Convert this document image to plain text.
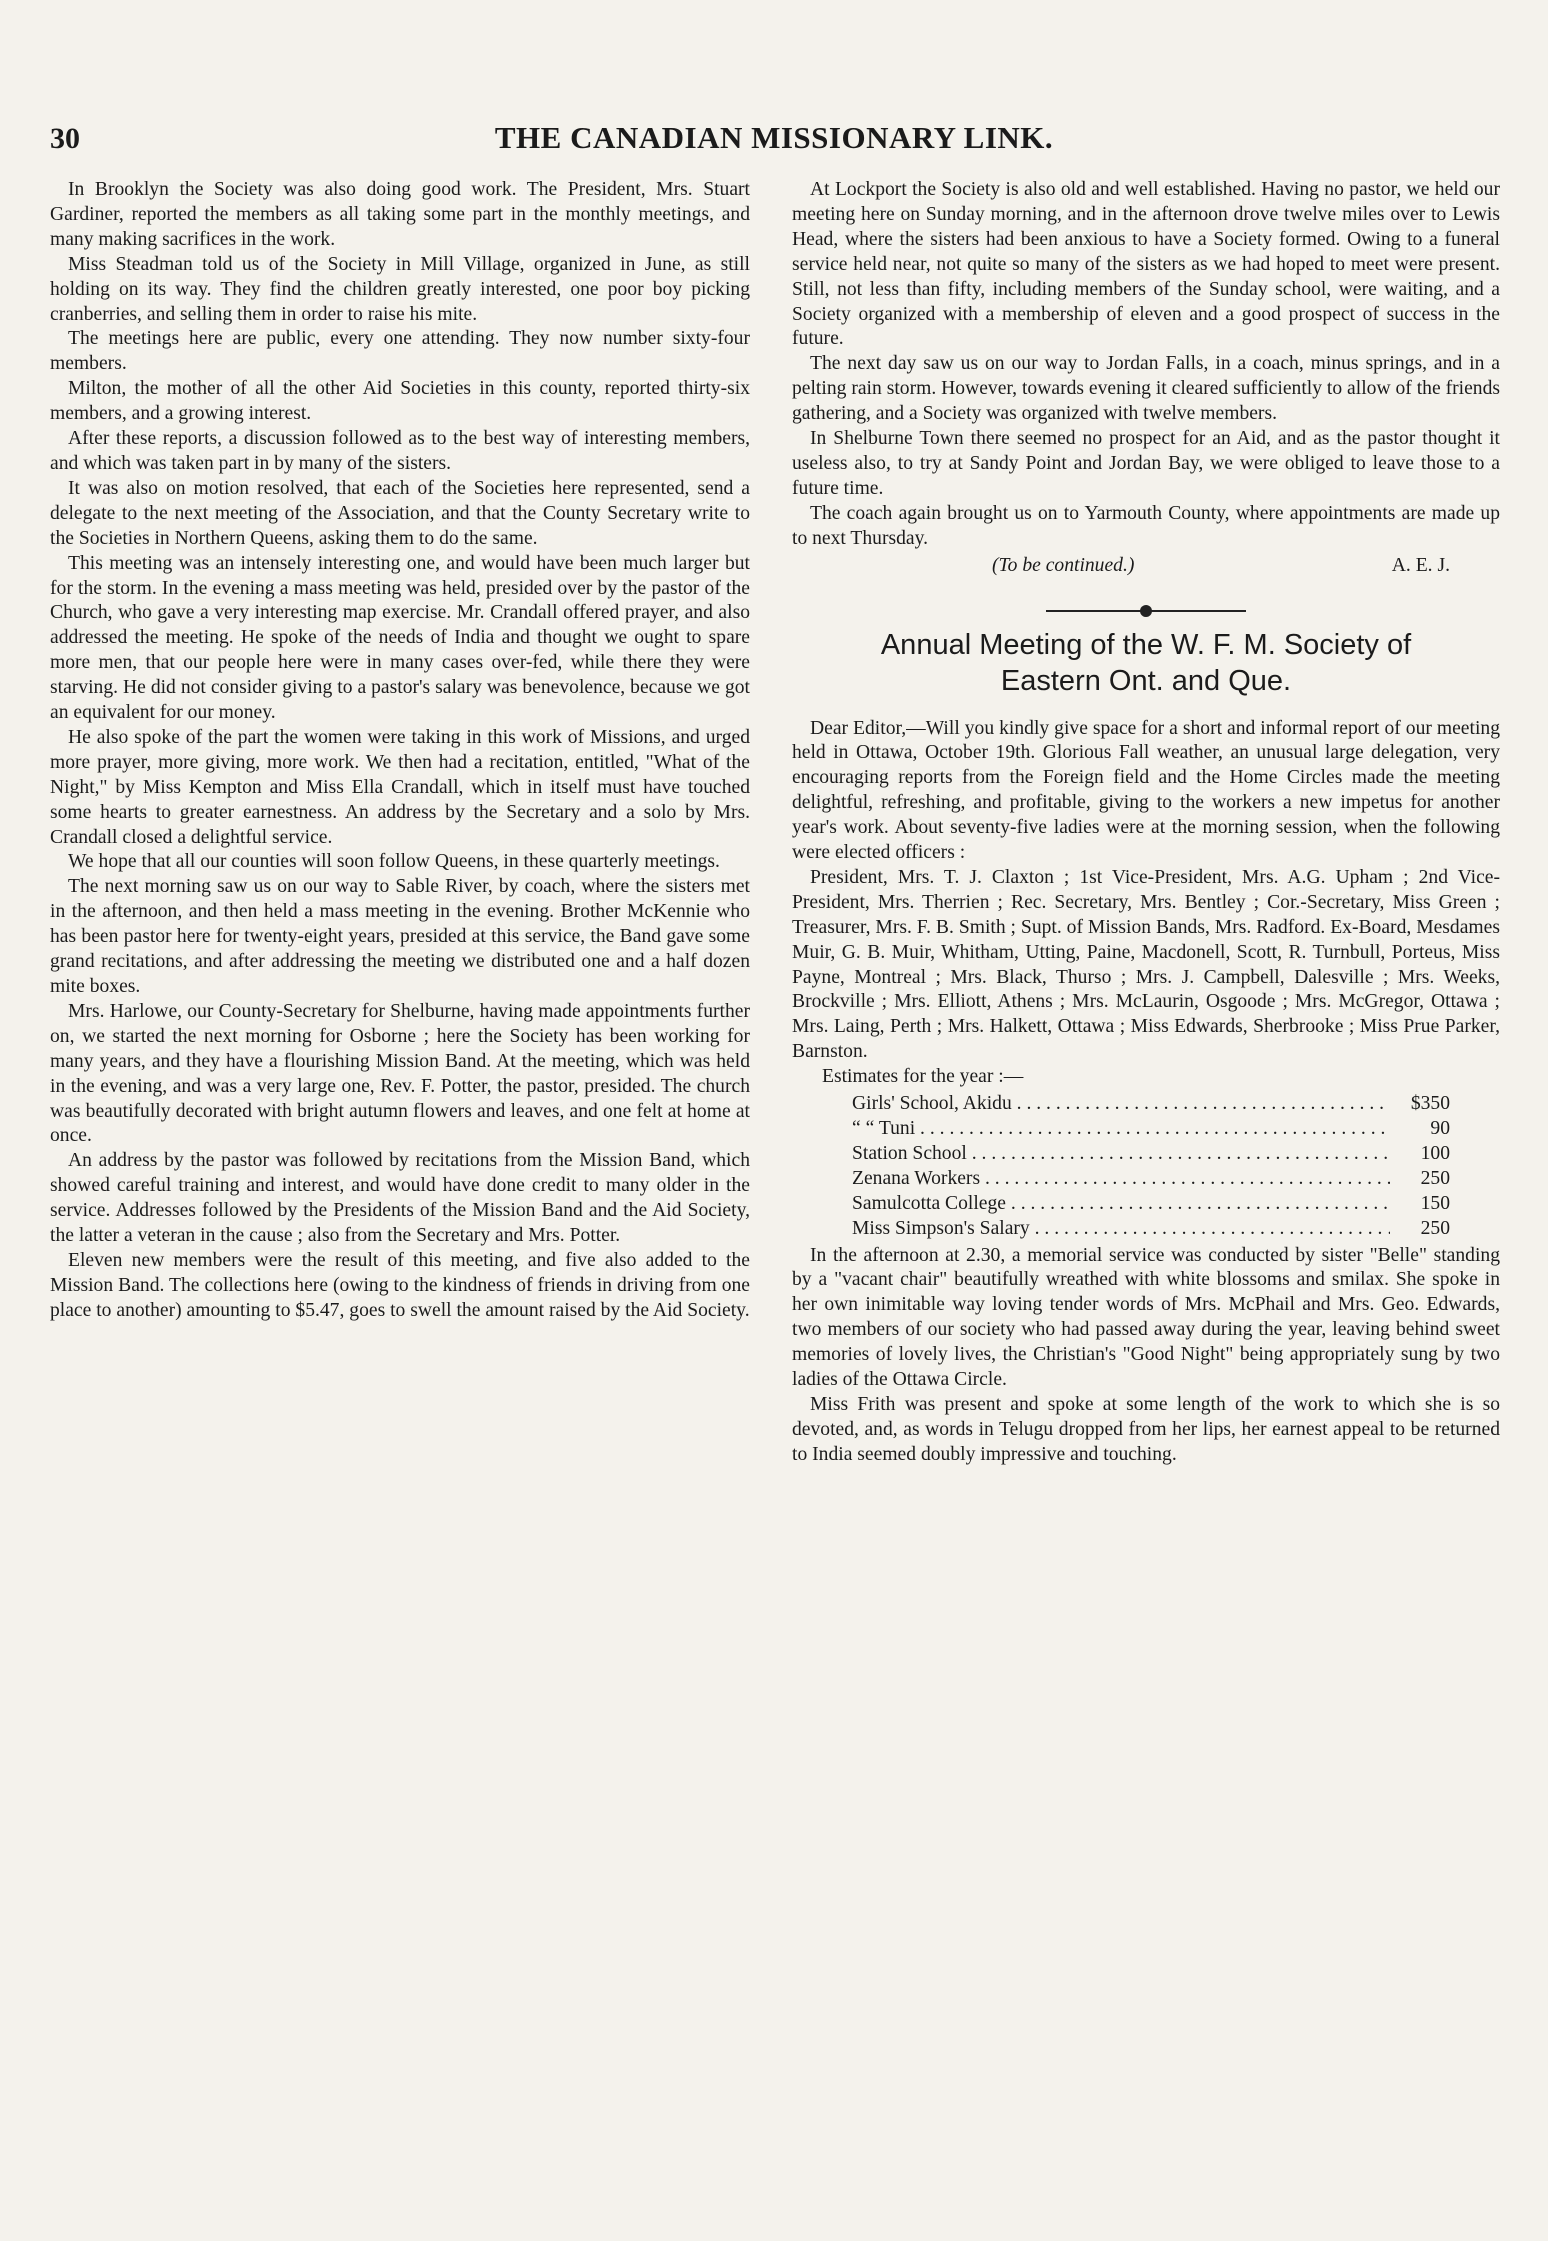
30	THE CANADIAN MISSIONARY LINK.

In Brooklyn the Society was also doing good work. The President, Mrs. Stuart Gardiner, reported the members as all taking some part in the monthly meetings, and many making sacrifices in the work.

Miss Steadman told us of the Society in Mill Village, organized in June, as still holding on its way. They find the children greatly interested, one poor boy picking cranberries, and selling them in order to raise his mite.

The meetings here are public, every one attending. They now number sixty-four members.

Milton, the mother of all the other Aid Societies in this county, reported thirty-six members, and a growing interest.

After these reports, a discussion followed as to the best way of interesting members, and which was taken part in by many of the sisters.

It was also on motion resolved, that each of the Societies here represented, send a delegate to the next meeting of the Association, and that the County Secretary write to the Societies in Northern Queens, asking them to do the same.

This meeting was an intensely interesting one, and would have been much larger but for the storm. In the evening a mass meeting was held, presided over by the pastor of the Church, who gave a very interesting map exercise. Mr. Crandall offered prayer, and also addressed the meeting. He spoke of the needs of India and thought we ought to spare more men, that our people here were in many cases over-fed, while there they were starving. He did not consider giving to a pastor's salary was benevolence, because we got an equivalent for our money.

He also spoke of the part the women were taking in this work of Missions, and urged more prayer, more giving, more work. We then had a recitation, entitled, "What of the Night," by Miss Kempton and Miss Ella Crandall, which in itself must have touched some hearts to greater earnestness. An address by the Secretary and a solo by Mrs. Crandall closed a delightful service.

We hope that all our counties will soon follow Queens, in these quarterly meetings.

The next morning saw us on our way to Sable River, by coach, where the sisters met in the afternoon, and then held a mass meeting in the evening. Brother McKennie who has been pastor here for twenty-eight years, presided at this service, the Band gave some grand recitations, and after addressing the meeting we distributed one and a half dozen mite boxes.

Mrs. Harlowe, our County-Secretary for Shelburne, having made appointments further on, we started the next morning for Osborne ; here the Society has been working for many years, and they have a flourishing Mission Band. At the meeting, which was held in the evening, and was a very large one, Rev. F. Potter, the pastor, presided. The church was beautifully decorated with bright autumn flowers and leaves, and one felt at home at once.

An address by the pastor was followed by recitations from the Mission Band, which showed careful training and interest, and would have done credit to many older in the service. Addresses followed by the Presidents of the Mission Band and the Aid Society, the latter a veteran in the cause ; also from the Secretary and Mrs. Potter.

Eleven new members were the result of this meeting, and five also added to the Mission Band. The collections here (owing to the kindness of friends in driving from one place to another) amounting to $5.47, goes to swell the amount raised by the Aid Society.

At Lockport the Society is also old and well established. Having no pastor, we held our meeting here on Sunday morning, and in the afternoon drove twelve miles over to Lewis Head, where the sisters had been anxious to have a Society formed. Owing to a funeral service held near, not quite so many of the sisters as we had hoped to meet were present. Still, not less than fifty, including members of the Sunday school, were waiting, and a Society organized with a membership of eleven and a good prospect of success in the future.

The next day saw us on our way to Jordan Falls, in a coach, minus springs, and in a pelting rain storm. However, towards evening it cleared sufficiently to allow of the friends gathering, and a Society was organized with twelve members.

In Shelburne Town there seemed no prospect for an Aid, and as the pastor thought it useless also, to try at Sandy Point and Jordan Bay, we were obliged to leave those to a future time.

The coach again brought us on to Yarmouth County, where appointments are made up to next Thursday.

(To be continued.)	A. E. J.
Annual Meeting of the W. F. M. Society of
Eastern Ont. and Que.

Dear Editor,—Will you kindly give space for a short and informal report of our meeting held in Ottawa, October 19th. Glorious Fall weather, an unusual large delegation, very encouraging reports from the Foreign field and the Home Circles made the meeting delightful, refreshing, and profitable, giving to the workers a new impetus for another year's work. About seventy-five ladies were at the morning session, when the following were elected officers :

President, Mrs. T. J. Claxton ; 1st Vice-President, Mrs. A.G. Upham ; 2nd Vice-President, Mrs. Therrien ; Rec. Secretary, Mrs. Bentley ; Cor.-Secretary, Miss Green ; Treasurer, Mrs. F. B. Smith ; Supt. of Mission Bands, Mrs. Radford. Ex-Board, Mesdames Muir, G. B. Muir, Whitham, Utting, Paine, Macdonell, Scott, R. Turnbull, Porteus, Miss Payne, Montreal ; Mrs. Black, Thurso ; Mrs. J. Campbell, Dalesville ; Mrs. Weeks, Brockville ; Mrs. Elliott, Athens ; Mrs. McLaurin, Osgoode ; Mrs. McGregor, Ottawa ; Mrs. Laing, Perth ; Mrs. Halkett, Ottawa ; Miss Edwards, Sherbrooke ; Miss Prue Parker, Barnston.

Estimates for the year :—

Girls' School, Akidu . . .	$350
“ “ Tuni . . .	90
Station School . . .	100
Zenana Workers . . .	250
Samulcotta College . . .	150
Miss Simpson's Salary . . .	250

In the afternoon at 2.30, a memorial service was conducted by sister "Belle" standing by a "vacant chair" beautifully wreathed with white blossoms and smilax. She spoke in her own inimitable way loving tender words of Mrs. McPhail and Mrs. Geo. Edwards, two members of our society who had passed away during the year, leaving behind sweet memories of lovely lives, the Christian's "Good Night" being appropriately sung by two ladies of the Ottawa Circle.

Miss Frith was present and spoke at some length of the work to which she is so devoted, and, as words in Telugu dropped from her lips, her earnest appeal to be returned to India seemed doubly impressive and touching.
